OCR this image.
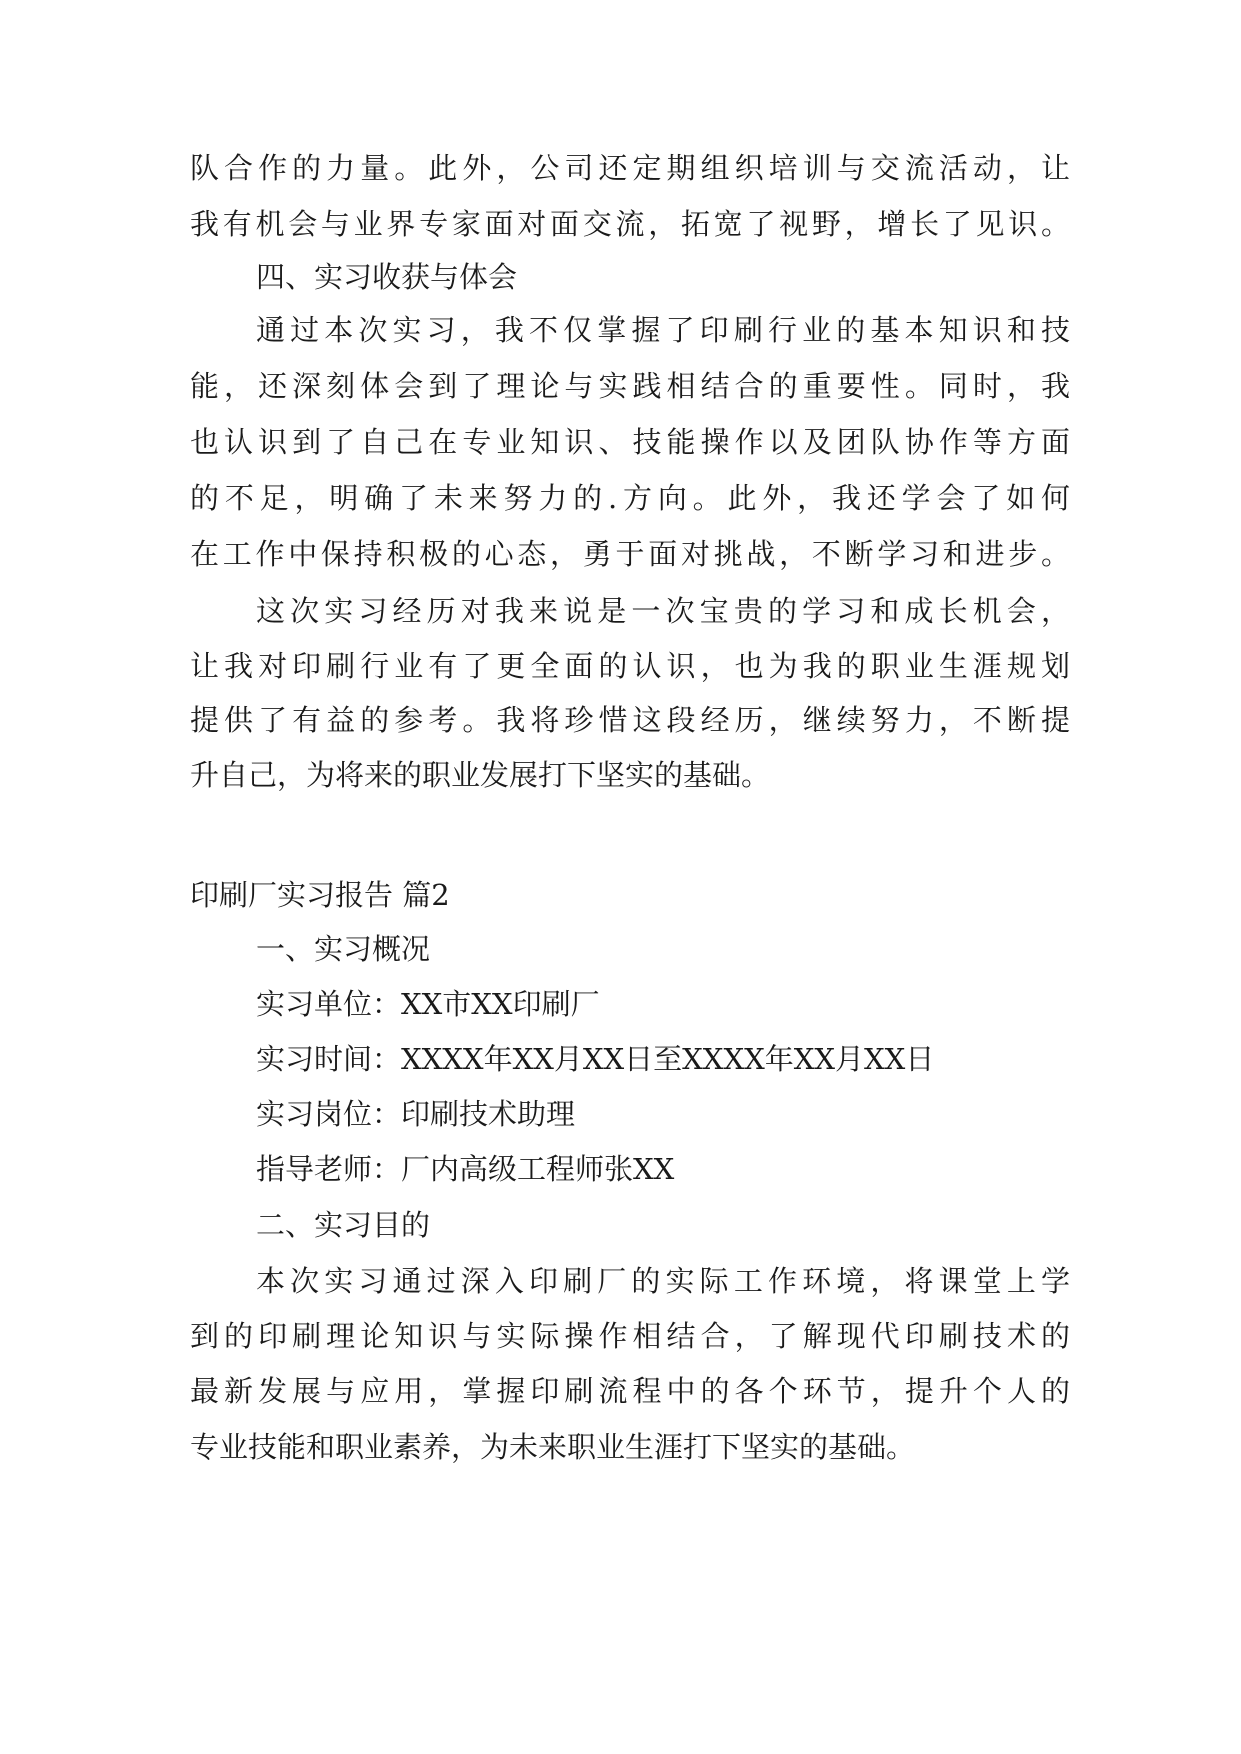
队合作的力量。此外，公司还定期组织培训与交流活动，让
我有机会与业界专家面对面交流，拓宽了视野，增长了见识。
四、实习收获与体会
通过本次实习，我不仅掌握了印刷行业的基本知识和技
能，还深刻体会到了理论与实践相结合的重要性。同时，我
也认识到了自己在专业知识、技能操作以及团队协作等方面
的不足，明确了未来努力的.方向。此外，我还学会了如何
在工作中保持积极的心态，勇于面对挑战，不断学习和进步。
这次实习经历对我来说是一次宝贵的学习和成长机会，
让我对印刷行业有了更全面的认识，也为我的职业生涯规划
提供了有益的参考。我将珍惜这段经历，继续努力，不断提
升自己，为将来的职业发展打下坚实的基础。
印刷厂实习报告 篇2
一、实习概况
实习单位：XX市XX印刷厂
实习时间：XXXX年XX月XX日至XXXX年XX月XX日
实习岗位：印刷技术助理
指导老师：厂内高级工程师张XX
二、实习目的
本次实习通过深入印刷厂的实际工作环境，将课堂上学
到的印刷理论知识与实际操作相结合，了解现代印刷技术的
最新发展与应用，掌握印刷流程中的各个环节，提升个人的
专业技能和职业素养，为未来职业生涯打下坚实的基础。
